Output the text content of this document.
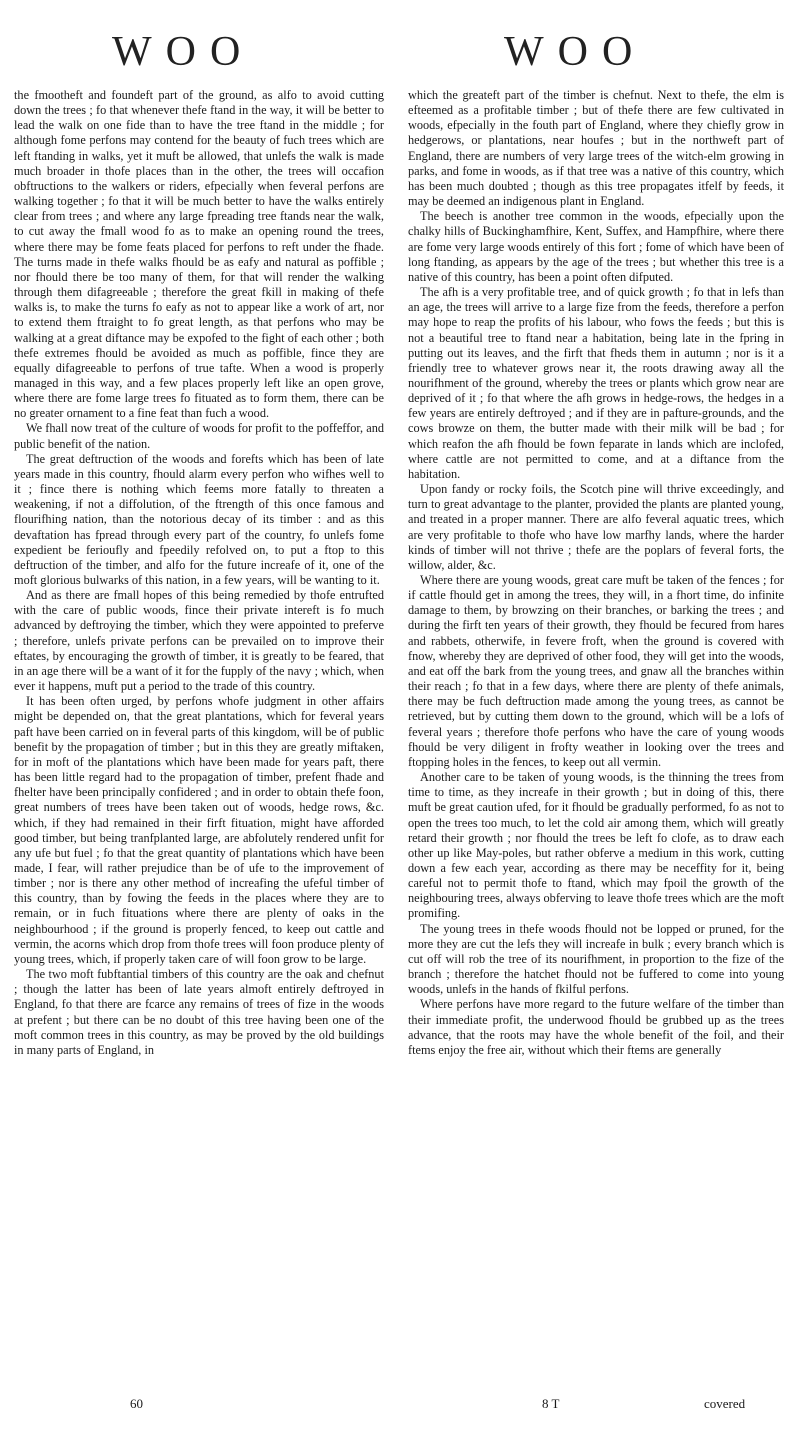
WOO	WOO

the fmootheft and foundeft part of the ground, as alfo to avoid cutting down the trees ; fo that whenever thefe ftand in the way, it will be better to lead the walk on one fide than to have the tree ftand in the middle ; for although fome perfons may contend for the beauty of fuch trees which are left ftanding in walks, yet it muft be allowed, that unlefs the walk is made much broader in thofe places than in the other, the trees will occafion obftructions to the walkers or riders, efpecially when feveral perfons are walking together ; fo that it will be much better to have the walks entirely clear from trees ; and where any large fpreading tree ftands near the walk, to cut away the fmall wood fo as to make an opening round the trees, where there may be fome feats placed for perfons to reft under the fhade. The turns made in thefe walks fhould be as eafy and natural as poffible ; nor fhould there be too many of them, for that will render the walking through them difagreeable ; therefore the great fkill in making of thefe walks is, to make the turns fo eafy as not to appear like a work of art, nor to extend them ftraight to fo great length, as that perfons who may be walking at a great diftance may be expofed to the fight of each other ; both thefe extremes fhould be avoided as much as poffible, fince they are equally difagreeable to perfons of true tafte. When a wood is properly managed in this way, and a few places properly left like an open grove, where there are fome large trees fo fituated as to form them, there can be no greater ornament to a fine feat than fuch a wood.

We fhall now treat of the culture of woods for profit to the poffeffor, and public benefit of the nation.

The great deftruction of the woods and forefts which has been of late years made in this country, fhould alarm every perfon who wifhes well to it ; fince there is nothing which feems more fatally to threaten a weakening, if not a diffolution, of the ftrength of this once famous and flourifhing nation, than the notorious decay of its timber : and as this devaftation has fpread through every part of the country, fo unlefs fome expedient be ferioufly and fpeedily refolved on, to put a ftop to this deftruction of the timber, and alfo for the future increafe of it, one of the moft glorious bulwarks of this nation, in a few years, will be wanting to it.

And as there are fmall hopes of this being remedied by thofe entrufted with the care of public woods, fince their private intereft is fo much advanced by deftroying the timber, which they were appointed to preferve ; therefore, unlefs private perfons can be prevailed on to improve their eftates, by encouraging the growth of timber, it is greatly to be feared, that in an age there will be a want of it for the fupply of the navy ; which, when ever it happens, muft put a period to the trade of this country.

It has been often urged, by perfons whofe judgment in other affairs might be depended on, that the great plantations, which for feveral years paft have been carried on in feveral parts of this kingdom, will be of public benefit by the propagation of timber ; but in this they are greatly miftaken, for in moft of the plantations which have been made for years paft, there has been little regard had to the propagation of timber, prefent fhade and fhelter have been principally confidered ; and in order to obtain thefe foon, great numbers of trees have been taken out of woods, hedge rows, &c. which, if they had remained in their firft fituation, might have afforded good timber, but being tranfplanted large, are abfolutely rendered unfit for any ufe but fuel ; fo that the great quantity of plantations which have been made, I fear, will rather prejudice than be of ufe to the improvement of timber ; nor is there any other method of increafing the ufeful timber of this country, than by fowing the feeds in the places where they are to remain, or in fuch fituations where there are plenty of oaks in the neighbourhood ; if the ground is properly fenced, to keep out cattle and vermin, the acorns which drop from thofe trees will foon produce plenty of young trees, which, if properly taken care of will foon grow to be large.

The two moft fubftantial timbers of this country are the oak and chefnut ; though the latter has been of late years almoft entirely deftroyed in England, fo that there are fcarce any remains of trees of fize in the woods at prefent ; but there can be no doubt of this tree having been one of the moft common trees in this country, as may be proved by the old buildings in many parts of England, in

which the greateft part of the timber is chefnut. Next to thefe, the elm is efteemed as a profitable timber ; but of thefe there are few cultivated in woods, efpecially in the fouth part of England, where they chiefly grow in hedgerows, or plantations, near houfes ; but in the northweft part of England, there are numbers of very large trees of the witch-elm growing in parks, and fome in woods, as if that tree was a native of this country, which has been much doubted ; though as this tree propagates itfelf by feeds, it may be deemed an indigenous plant in England.

The beech is another tree common in the woods, efpecially upon the chalky hills of Buckinghamfhire, Kent, Suffex, and Hampfhire, where there are fome very large woods entirely of this fort ; fome of which have been of long ftanding, as appears by the age of the trees ; but whether this tree is a native of this country, has been a point often difputed.

The afh is a very profitable tree, and of quick growth ; fo that in lefs than an age, the trees will arrive to a large fize from the feeds, therefore a perfon may hope to reap the profits of his labour, who fows the feeds ; but this is not a beautiful tree to ftand near a habitation, being late in the fpring in putting out its leaves, and the firft that fheds them in autumn ; nor is it a friendly tree to whatever grows near it, the roots drawing away all the nourifhment of the ground, whereby the trees or plants which grow near are deprived of it ; fo that where the afh grows in hedge-rows, the hedges in a few years are entirely deftroyed ; and if they are in pafture-grounds, and the cows browze on them, the butter made with their milk will be bad ; for which reafon the afh fhould be fown feparate in lands which are inclofed, where cattle are not permitted to come, and at a diftance from the habitation.

Upon fandy or rocky foils, the Scotch pine will thrive exceedingly, and turn to great advantage to the planter, provided the plants are planted young, and treated in a proper manner. There are alfo feveral aquatic trees, which are very profitable to thofe who have low marfhy lands, where the harder kinds of timber will not thrive ; thefe are the poplars of feveral forts, the willow, alder, &c.

Where there are young woods, great care muft be taken of the fences ; for if cattle fhould get in among the trees, they will, in a fhort time, do infinite damage to them, by browzing on their branches, or barking the trees ; and during the firft ten years of their growth, they fhould be fecured from hares and rabbets, otherwife, in fevere froft, when the ground is covered with fnow, whereby they are deprived of other food, they will get into the woods, and eat off the bark from the young trees, and gnaw all the branches within their reach ; fo that in a few days, where there are plenty of thefe animals, there may be fuch deftruction made among the young trees, as cannot be retrieved, but by cutting them down to the ground, which will be a lofs of feveral years ; therefore thofe perfons who have the care of young woods fhould be very diligent in frofty weather in looking over the trees and ftopping holes in the fences, to keep out all vermin.

Another care to be taken of young woods, is the thinning the trees from time to time, as they increafe in their growth ; but in doing of this, there muft be great caution ufed, for it fhould be gradually performed, fo as not to open the trees too much, to let the cold air among them, which will greatly retard their growth ; nor fhould the trees be left fo clofe, as to draw each other up like May-poles, but rather obferve a medium in this work, cutting down a few each year, according as there may be neceffity for it, being careful not to permit thofe to ftand, which may fpoil the growth of the neighbouring trees, always obferving to leave thofe trees which are the moft promifing.

The young trees in thefe woods fhould not be lopped or pruned, for the more they are cut the lefs they will increafe in bulk ; every branch which is cut off will rob the tree of its nourifhment, in proportion to the fize of the branch ; therefore the hatchet fhould not be fuffered to come into young woods, unlefs in the hands of fkilful perfons.

Where perfons have more regard to the future welfare of the timber than their immediate profit, the underwood fhould be grubbed up as the trees advance, that the roots may have the whole benefit of the foil, and their ftems enjoy the free air, without which their ftems are generally

60	8 T	covered
